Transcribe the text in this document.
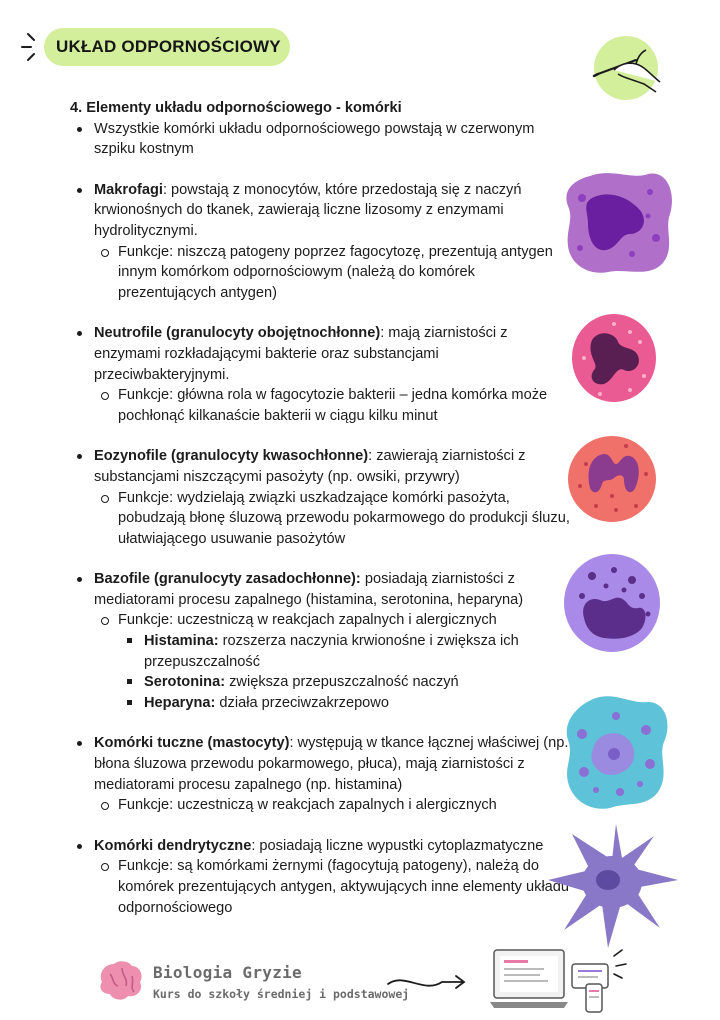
UKŁAD ODPORNOŚCIOWY
4. Elementy układu odpornościowego - komórki
Wszystkie komórki układu odpornościowego powstają w czerwonym szpiku kostnym
Makrofagi: powstają z monocytów, które przedostają się z naczyń krwionośnych do tkanek, zawierają liczne lizosomy z enzymami hydrolitycznymi.
Funkcje: niszczą patogeny poprzez fagocytozę, prezentują antygen innym komórkom odpornościowym (należą do komórek prezentujących antygen)
Neutrofile (granulocyty obojętnochłonne): mają ziarnistości z enzymami rozkładającymi bakterie oraz substancjami przeciwbakteryjnymi.
Funkcje: główna rola w fagocytozie bakterii – jedna komórka może pochłonąć kilkanaście bakterii w ciągu kilku minut
Eozynofile (granulocyty kwasochłonne): zawierają ziarnistości z substancjami niszczącymi pasożyty (np. owsiki, przywry)
Funkcje: wydzielają związki uszkadzające komórki pasożyta, pobudzają błonę śluzową przewodu pokarmowego do produkcji śluzu, ułatwiającego usuwanie pasożytów
Bazofile (granulocyty zasadochłonne): posiadają ziarnistości z mediatorami procesu zapalnego (histamina, serotonina, heparyna)
Funkcje: uczestniczą w reakcjach zapalnych i alergicznych
Histamina: rozszerza naczynia krwionośne i zwiększa ich przepuszczalność
Serotonina: zwiększa przepuszczalność naczyń
Heparyna: działa przeciwzakrzepowo
Komórki tuczne (mastocyty): występują w tkance łącznej właściwej (np. błona śluzowa przewodu pokarmowego, płuca), mają ziarnistości z mediatorami procesu zapalnego (np. histamina)
Funkcje: uczestniczą w reakcjach zapalnych i alergicznych
Komórki dendrytyczne: posiadają liczne wypustki cytoplazmatyczne
Funkcje: są komórkami żernymi (fagocytują patogeny), należą do komórek prezentujących antygen, aktywujących inne elementy układu odpornościowego
Biologia Gryzie
Kurs do szkoły średniej i podstawowej
